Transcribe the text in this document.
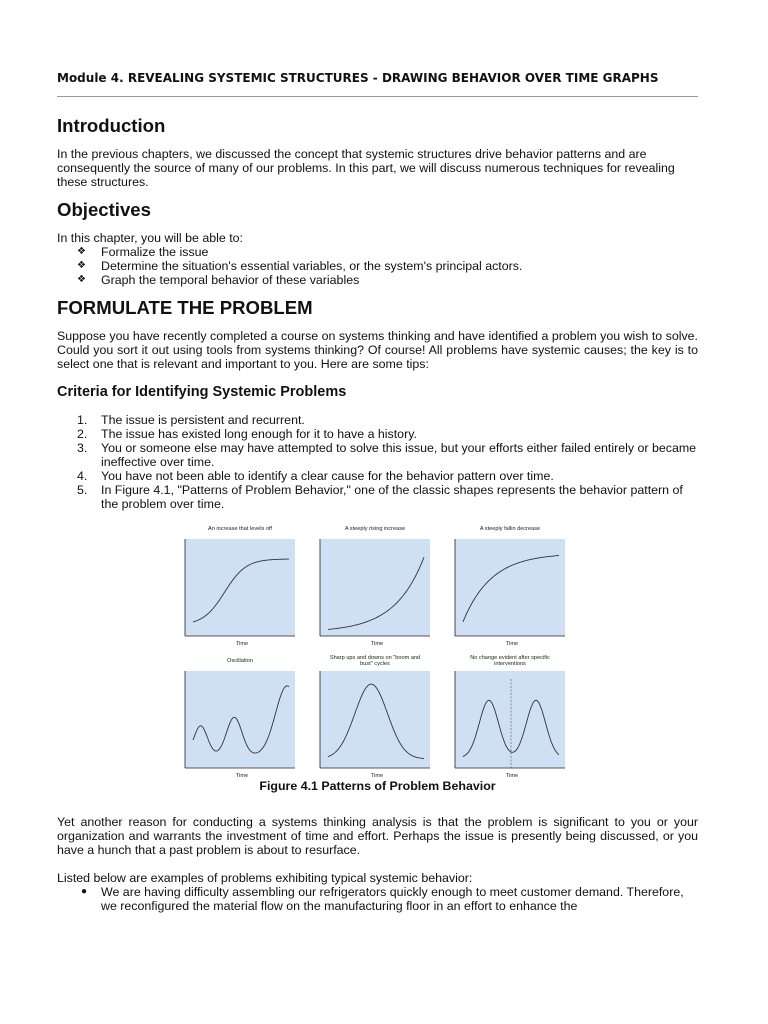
Module 4. REVEALING SYSTEMIC STRUCTURES - DRAWING BEHAVIOR OVER TIME GRAPHS
Introduction

In the previous chapters, we discussed the concept that systemic structures drive behavior patterns and are consequently the source of many of our problems. In this part, we will discuss numerous techniques for revealing these structures.

Objectives

In this chapter, you will be able to:

❖ Formalize the issue
❖ Determine the situation's essential variables, or the system's principal actors.
❖ Graph the temporal behavior of these variables
FORMULATE THE PROBLEM

Suppose you have recently completed a course on systems thinking and have identified a problem you wish to solve. Could you sort it out using tools from systems thinking? Of course! All problems have systemic causes; the key is to select one that is relevant and important to you. Here are some tips:

Criteria for Identifying Systemic Problems
1. The issue is persistent and recurrent.
2. The issue has existed long enough for it to have a history.
3. You or someone else may have attempted to solve this issue, but your efforts either failed entirely or became ineffective over time.
4. You have not been able to identify a clear cause for the behavior pattern over time.
5. In Figure 4.1, "Patterns of Problem Behavior," one of the classic shapes represents the behavior pattern of the problem over time.
An increase that levels off
Time
A steeply rising increase
Time
A steeply fallin decrease
Time
Oscillation
Time
Sharp ups and downs on "boom and
bust" cycles
Time
No change evident after specific
interventions
Time

Figure 4.1 Patterns of Problem Behavior

Yet another reason for conducting a systems thinking analysis is that the problem is significant to you or your organization and warrants the investment of time and effort. Perhaps the issue is presently being discussed, or you have a hunch that a past problem is about to resurface.

Listed below are examples of problems exhibiting typical systemic behavior:

● We are having difficulty assembling our refrigerators quickly enough to meet customer demand. Therefore, we reconfigured the material flow on the manufacturing floor in an effort to enhance the
